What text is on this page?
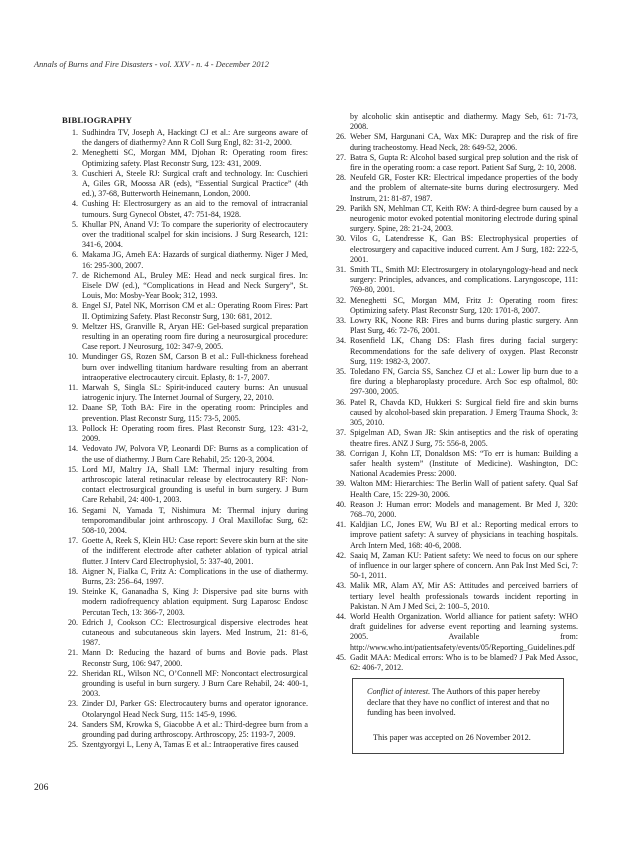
Annals of Burns and Fire Disasters - vol. XXV - n. 4 - December 2012
BIBLIOGRAPHY
1. Sudhindra TV, Joseph A, Hackingt CJ et al.: Are surgeons aware of the dangers of diathermy? Ann R Coll Surg Engl, 82: 31-2, 2000.
2. Meneghetti SC, Morgan MM, Djohan R: Operating room fires: Optimizing safety. Plast Reconstr Surg, 123: 431, 2009.
3. Cuschieri A, Steele RJ: Surgical craft and technology. In: Cuschieri A, Giles GR, Moossa AR (eds), “Essential Surgical Practice” (4th ed.), 37-68, Butterworth Heinemann, London, 2000.
4. Cushing H: Electrosurgery as an aid to the removal of intracranial tumours. Surg Gynecol Obstet, 47: 751-84, 1928.
5. Khullar PN, Anand VJ: To compare the superiority of electrocautery over the traditional scalpel for skin incisions. J Surg Research, 121: 341-6, 2004.
6. Makama JG, Ameh EA: Hazards of surgical diathermy. Niger J Med, 16: 295-300, 2007.
7. de Richemond AL, Bruley ME: Head and neck surgical fires. In: Eisele DW (ed.), “Complications in Head and Neck Surgery”, St. Louis, Mo: Mosby-Year Book; 312, 1993.
8. Engel SJ, Patel NK, Morrison CM et al.: Operating Room Fires: Part II. Optimizing Safety. Plast Reconstr Surg, 130: 681, 2012.
9. Meltzer HS, Granville R, Aryan HE: Gel-based surgical preparation resulting in an operating room fire during a neurosurgical procedure: Case report. J Neurosurg, 102: 347-9, 2005.
10. Mundinger GS, Rozen SM, Carson B et al.: Full-thickness forehead burn over indwelling titanium hardware resulting from an aberrant intraoperative electrocautery circuit. Eplasty, 8: 1-7, 2007.
11. Marwah S, Singla SL: Spirit-induced cautery burns: An unusual iatrogenic injury. The Internet Journal of Surgery, 22, 2010.
12. Daane SP, Toth BA: Fire in the operating room: Principles and prevention. Plast Reconstr Surg, 115: 73-5, 2005.
13. Pollock H: Operating room fires. Plast Reconstr Surg, 123: 431-2, 2009.
14. Vedovato JW, Polvora VP, Leonardi DF: Burns as a complication of the use of diathermy. J Burn Care Rehabil, 25: 120-3, 2004.
15. Lord MJ, Maltry JA, Shall LM: Thermal injury resulting from arthroscopic lateral retinacular release by electrocautery RF: Non-contact electrosurgical grounding is useful in burn surgery. J Burn Care Rehabil, 24: 400-1, 2003.
16. Segami N, Yamada T, Nishimura M: Thermal injury during temporomandibular joint arthroscopy. J Oral Maxillofac Surg, 62: 508-10, 2004.
17. Goette A, Reek S, Klein HU: Case report: Severe skin burn at the site of the indifferent electrode after catheter ablation of typical atrial flutter. J Interv Card Electrophysiol, 5: 337-40, 2001.
18. Aigner N, Fialka C, Fritz A: Complications in the use of diathermy. Burns, 23: 256–64, 1997.
19. Steinke K, Gananadha S, King J: Dispersive pad site burns with modern radiofrequency ablation equipment. Surg Laparosc Endosc Percutan Tech, 13: 366-7, 2003.
20. Edrich J, Cookson CC: Electrosurgical dispersive electrodes heat cutaneous and subcutaneous skin layers. Med Instrum, 21: 81-6, 1987.
21. Mann D: Reducing the hazard of burns and Bovie pads. Plast Reconstr Surg, 106: 947, 2000.
22. Sheridan RL, Wilson NC, O’Connell MF: Noncontact electrosurgical grounding is useful in burn surgery. J Burn Care Rehabil, 24: 400-1, 2003.
23. Zinder DJ, Parker GS: Electrocautery burns and operator ignorance. Otolaryngol Head Neck Surg, 115: 145-9, 1996.
24. Sanders SM, Krowka S, Giacobbe A et al.: Third-degree burn from a grounding pad during arthroscopy. Arthroscopy, 25: 1193-7, 2009.
25. Szentgyorgyi L, Leny A, Tamas E et al.: Intraoperative fires caused
by alcoholic skin antiseptic and diathermy. Magy Seb, 61: 71-73, 2008.
26. Weber SM, Hargunani CA, Wax MK: Duraprep and the risk of fire during tracheostomy. Head Neck, 28: 649-52, 2006.
27. Batra S, Gupta R: Alcohol based surgical prep solution and the risk of fire in the operating room: a case report. Patient Saf Surg, 2: 10, 2008.
28. Neufeld GR, Foster KR: Electrical impedance properties of the body and the problem of alternate-site burns during electrosurgery. Med Instrum, 21: 81-87, 1987.
29. Parikh SN, Mehlman CT, Keith RW: A third-degree burn caused by a neurogenic motor evoked potential monitoring electrode during spinal surgery. Spine, 28: 21-24, 2003.
30. Vilos G, Latendresse K, Gan BS: Electrophysical properties of electrosurgery and capacitive induced current. Am J Surg, 182: 222-5, 2001.
31. Smith TL, Smith MJ: Electrosurgery in otolaryngology-head and neck surgery: Principles, advances, and complications. Laryngoscope, 111: 769-80, 2001.
32. Meneghetti SC, Morgan MM, Fritz J: Operating room fires: Optimizing safety. Plast Reconstr Surg, 120: 1701-8, 2007.
33. Lowry RK, Noone RB: Fires and burns during plastic surgery. Ann Plast Surg, 46: 72-76, 2001.
34. Rosenfield LK, Chang DS: Flash fires during facial surgery: Recommendations for the safe delivery of oxygen. Plast Reconstr Surg, 119: 1982-3, 2007.
35. Toledano FN, Garcia SS, Sanchez CJ et al.: Lower lip burn due to a fire during a blepharoplasty procedure. Arch Soc esp oftalmol, 80: 297-300, 2005.
36. Patel R, Chavda KD, Hukkeri S: Surgical field fire and skin burns caused by alcohol-based skin preparation. J Emerg Trauma Shock, 3: 305, 2010.
37. Spigelman AD, Swan JR: Skin antiseptics and the risk of operating theatre fires. ANZ J Surg, 75: 556-8, 2005.
38. Corrigan J, Kohn LT, Donaldson MS: “To err is human: Building a safer health system” (Institute of Medicine). Washington, DC: National Academies Press: 2000.
39. Walton MM: Hierarchies: The Berlin Wall of patient safety. Qual Saf Health Care, 15: 229-30, 2006.
40. Reason J: Human error: Models and management. Br Med J, 320: 768–70, 2000.
41. Kaldjian LC, Jones EW, Wu BJ et al.: Reporting medical errors to improve patient safety: A survey of physicians in teaching hospitals. Arch Intern Med, 168: 40-6, 2008.
42. Saaiq M, Zaman KU: Patient safety: We need to focus on our sphere of influence in our larger sphere of concern. Ann Pak Inst Med Sci, 7: 50-1, 2011.
43. Malik MR, Alam AY, Mir AS: Attitudes and perceived barriers of tertiary level health professionals towards incident reporting in Pakistan. N Am J Med Sci, 2: 100–5, 2010.
44. World Health Organization. World alliance for patient safety: WHO draft guidelines for adverse event reporting and learning systems. 2005. Available from: http://www.who.int/patientsafety/events/05/Reporting_Guidelines.pdf
45. Gadit MAA: Medical errors: Who is to be blamed? J Pak Med Assoc, 62: 406-7, 2012.

Conflict of interest. The Authors of this paper hereby declare that they have no conflict of interest and that no funding has been involved.

This paper was accepted on 26 November 2012.

206
